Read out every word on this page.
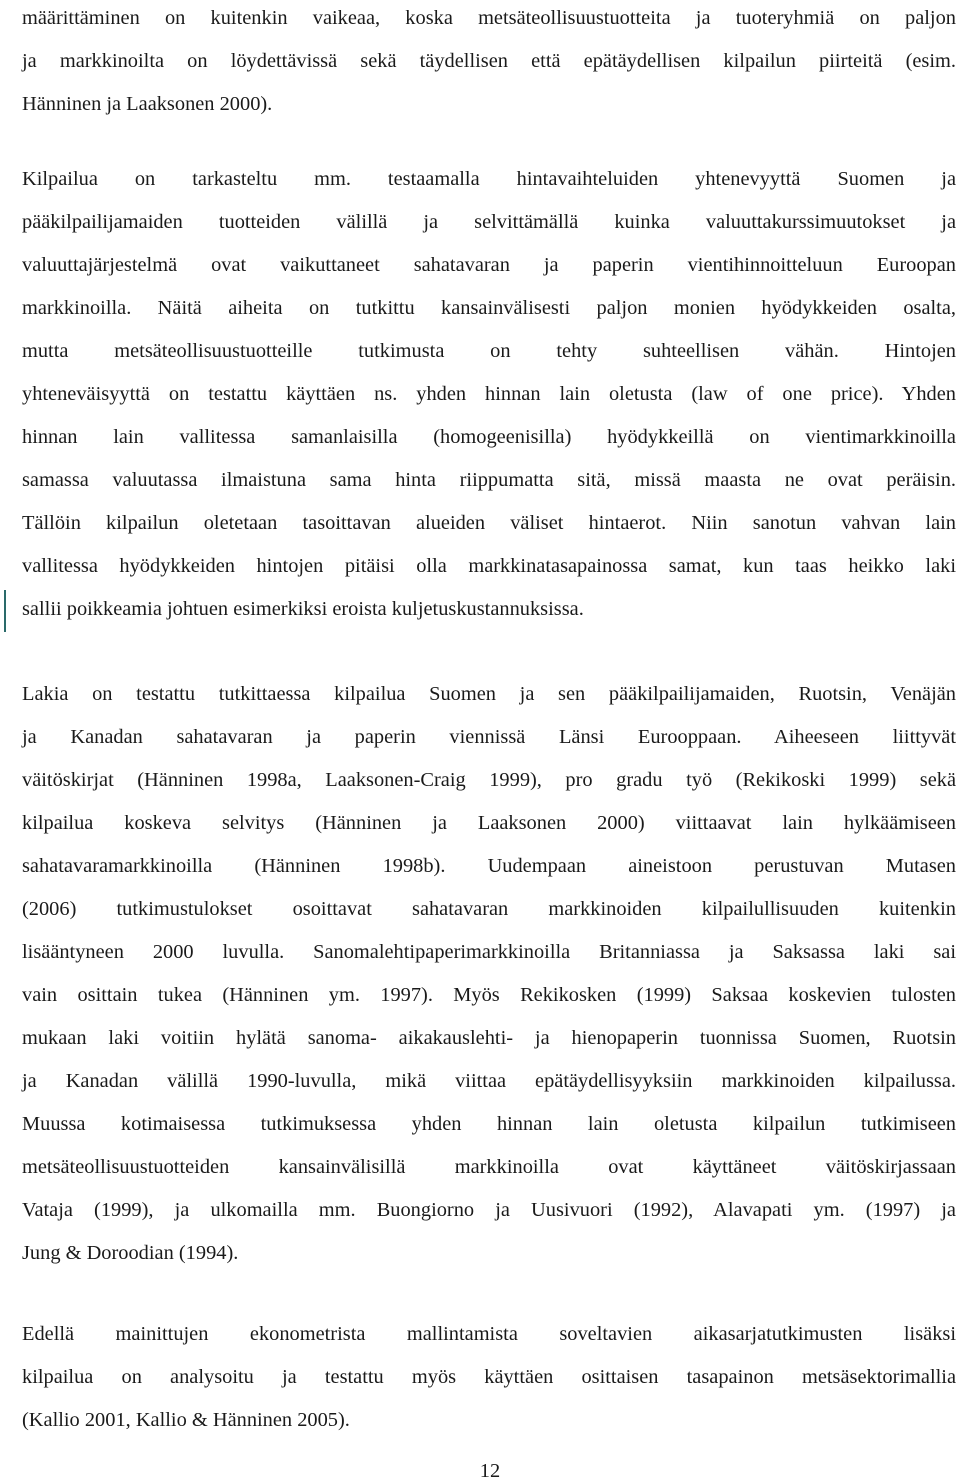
määrittäminen on kuitenkin vaikeaa, koska metsäteollisuustuotteita ja tuoteryhmiä on paljon
ja markkinoilta on löydettävissä sekä täydellisen että epätäydellisen kilpailun piirteitä (esim.
Hänninen ja Laaksonen 2000).
Kilpailua on tarkasteltu mm. testaamalla hintavaihteluiden yhtenevyyttä Suomen ja
pääkilpailijamaiden tuotteiden välillä ja selvittämällä kuinka valuuttakurssimuutokset ja
valuuttajärjestelmä ovat vaikuttaneet sahatavaran ja paperin vientihinnoitteluun Euroopan
markkinoilla. Näitä aiheita on tutkittu kansainvälisesti paljon monien hyödykkeiden osalta,
mutta metsäteollisuustuotteille tutkimusta on tehty suhteellisen vähän. Hintojen
yhteneväisyyttä on testattu käyttäen ns. yhden hinnan lain oletusta (law of one price). Yhden
hinnan lain vallitessa samanlaisilla (homogeenisilla) hyödykkeillä on vientimarkkinoilla
samassa valuutassa ilmaistuna sama hinta riippumatta sitä, missä maasta ne ovat peräisin.
Tällöin kilpailun oletetaan tasoittavan alueiden väliset hintaerot. Niin sanotun vahvan lain
vallitessa hyödykkeiden hintojen pitäisi olla markkinatasapainossa samat, kun taas heikko laki
sallii poikkeamia johtuen esimerkiksi eroista kuljetuskustannuksissa.
Lakia on testattu tutkittaessa kilpailua Suomen ja sen pääkilpailijamaiden, Ruotsin, Venäjän
ja Kanadan sahatavaran ja paperin viennissä Länsi Eurooppaan. Aiheeseen liittyvät
väitöskirjat (Hänninen 1998a, Laaksonen-Craig 1999), pro gradu työ (Rekikoski 1999) sekä
kilpailua koskeva selvitys (Hänninen ja Laaksonen 2000) viittaavat lain hylkäämiseen
sahatavaramarkkinoilla (Hänninen 1998b). Uudempaan aineistoon perustuvan Mutasen
(2006) tutkimustulokset osoittavat sahatavaran markkinoiden kilpailullisuuden kuitenkin
lisääntyneen 2000 luvulla. Sanomalehtipaperimarkkinoilla Britanniassa ja Saksassa laki sai
vain osittain tukea (Hänninen ym. 1997). Myös Rekikosken (1999) Saksaa koskevien tulosten
mukaan laki voitiin hylätä sanoma- aikakauslehti- ja hienopaperin tuonnissa Suomen, Ruotsin
ja Kanadan välillä 1990-luvulla, mikä viittaa epätäydellisyyksiin markkinoiden kilpailussa.
Muussa kotimaisessa tutkimuksessa yhden hinnan lain oletusta kilpailun tutkimiseen
metsäteollisuustuotteiden kansainvälisillä markkinoilla ovat käyttäneet väitöskirjassaan
Vataja (1999), ja ulkomailla mm. Buongiorno ja Uusivuori (1992), Alavapati ym. (1997) ja
Jung & Doroodian (1994).
Edellä mainittujen ekonometrista mallintamista soveltavien aikasarjatutkimusten lisäksi
kilpailua on analysoitu ja testattu myös käyttäen osittaisen tasapainon metsäsektorimallia
(Kallio 2001, Kallio & Hänninen 2005).
12
